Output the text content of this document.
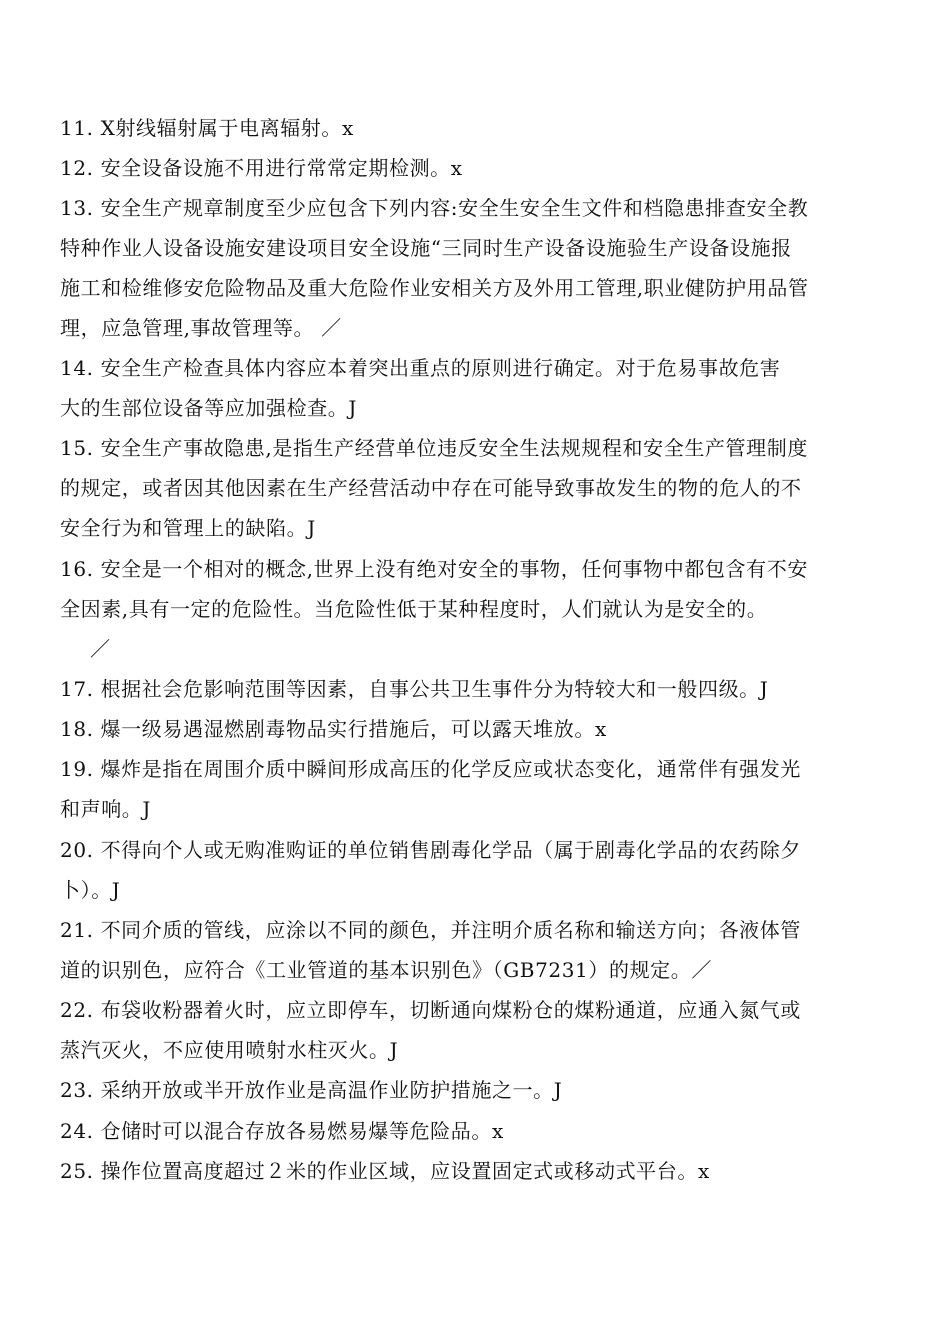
11. X射线辐射属于电离辐射。x
12. 安全设备设施不用进行常常定期检测。x
13. 安全生产规章制度至少应包含下列内容:安全生安全生文件和档隐患排查安全教
特种作业人设备设施安建设项目安全设施“三同时生产设备设施验生产设备设施报
施工和检维修安危险物品及重大危险作业安相关方及外用工管理,职业健防护用品管
理，应急管理,事故管理等。 ／
14. 安全生产检查具体内容应本着突出重点的原则进行确定。对于危易事故危害
大的生部位设备等应加强检查。J
15. 安全生产事故隐患,是指生产经营单位违反安全生法规规程和安全生产管理制度
的规定，或者因其他因素在生产经营活动中存在可能导致事故发生的物的危人的不
安全行为和管理上的缺陷。J
16. 安全是一个相对的概念,世界上没有绝对安全的事物，任何事物中都包含有不安
全因素,具有一定的危险性。当危险性低于某种程度时，人们就认为是安全的。
／
17. 根据社会危影响范围等因素，自事公共卫生事件分为特较大和一般四级。J
18. 爆一级易遇湿燃剧毒物品实行措施后，可以露天堆放。x
19. 爆炸是指在周围介质中瞬间形成高压的化学反应或状态变化，通常伴有强发光
和声响。J
20. 不得向个人或无购准购证的单位销售剧毒化学品（属于剧毒化学品的农药除夕
卜）。J
21. 不同介质的管线，应涂以不同的颜色，并注明介质名称和输送方向；各液体管
道的识别色，应符合《工业管道的基本识别色》（GB7231）的规定。／
22. 布袋收粉器着火时，应立即停车，切断通向煤粉仓的煤粉通道，应通入氮气或
蒸汽灭火，不应使用喷射水柱灭火。J
23. 采纳开放或半开放作业是高温作业防护措施之一。J
24. 仓储时可以混合存放各易燃易爆等危险品。x
25. 操作位置高度超过２米的作业区域，应设置固定式或移动式平台。x
